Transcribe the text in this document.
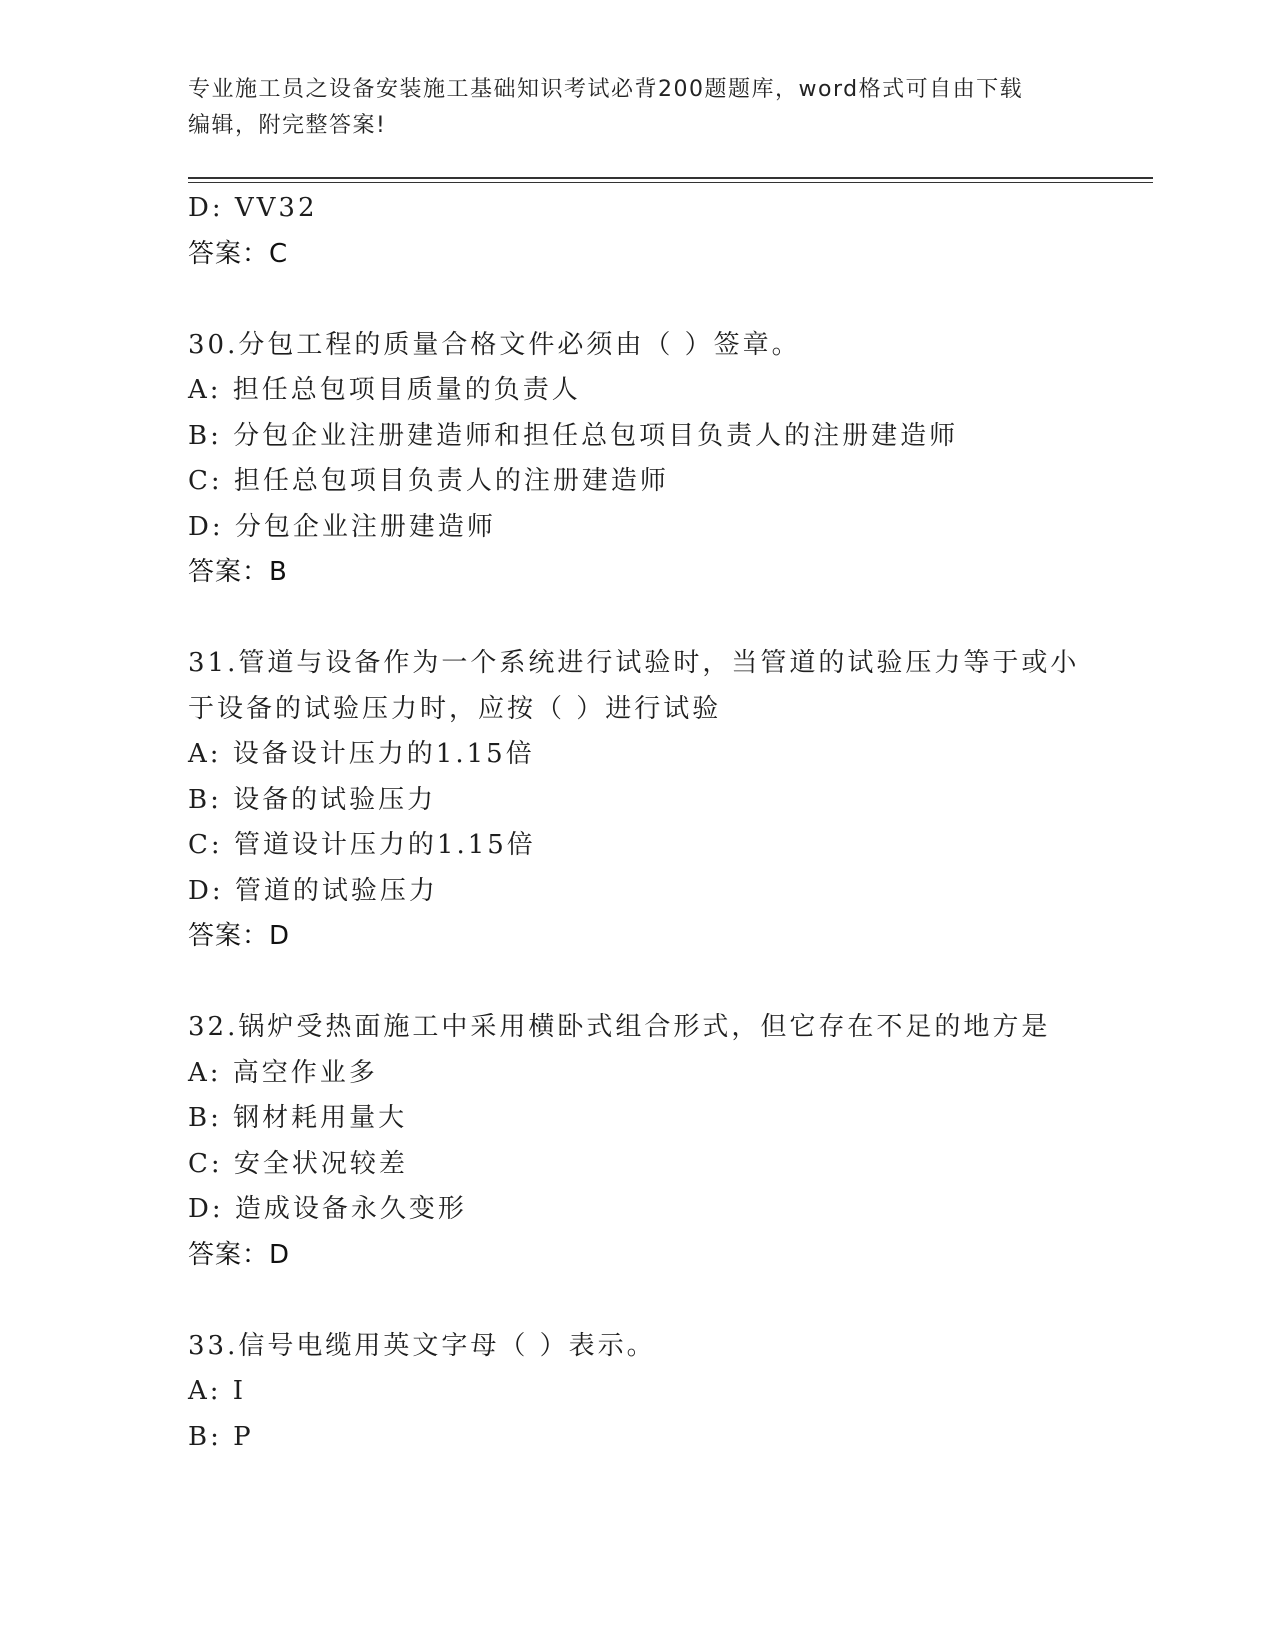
专业施工员之设备安装施工基础知识考试必背200题题库，word格式可自由下载
编辑，附完整答案!
D: VV32
答案：C
30.分包工程的质量合格文件必须由（ ）签章。
A: 担任总包项目质量的负责人
B: 分包企业注册建造师和担任总包项目负责人的注册建造师
C: 担任总包项目负责人的注册建造师
D: 分包企业注册建造师
答案：B
31.管道与设备作为一个系统进行试验时，当管道的试验压力等于或小
于设备的试验压力时，应按（ ）进行试验
A: 设备设计压力的1.15倍
B: 设备的试验压力
C: 管道设计压力的1.15倍
D: 管道的试验压力
答案：D
32.锅炉受热面施工中采用横卧式组合形式，但它存在不足的地方是
A: 高空作业多
B: 钢材耗用量大
C: 安全状况较差
D: 造成设备永久变形
答案：D
33.信号电缆用英文字母（ ）表示。
A: I
B: P
